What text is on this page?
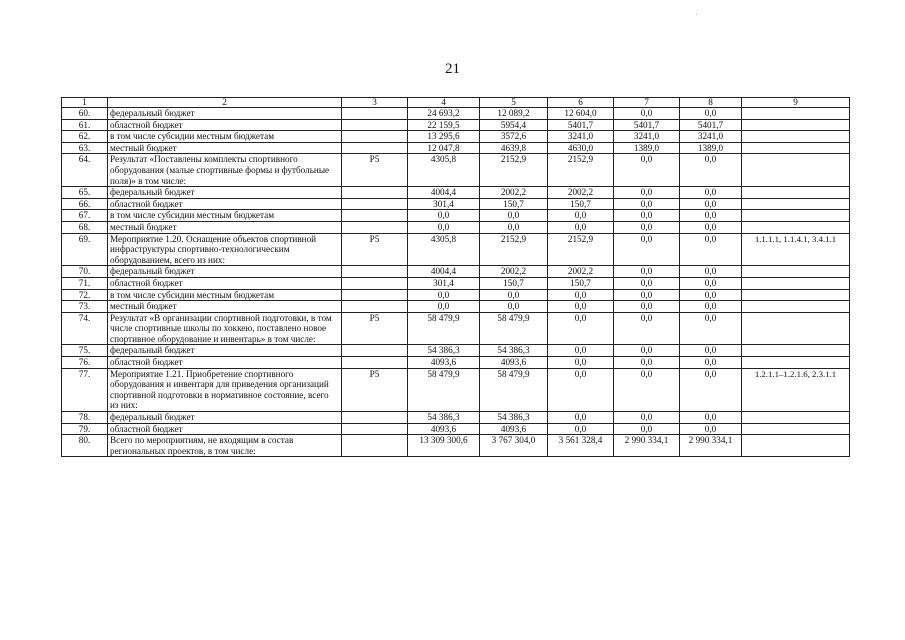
21
1	2	3	4	5	6	7	8	9
60.	федеральный бюджет		24 693,2	12 089,2	12 604,0	0,0	0,0	
61.	областной бюджет		22 159,5	5954,4	5401,7	5401,7	5401,7	
62.	в том числе субсидии местным бюджетам		13 295,6	3572,6	3241,0	3241,0	3241,0	
63.	местный бюджет		12 047,8	4639,8	4630,0	1389,0	1389,0	
64.	Результат «Поставлены комплекты спортивного оборудования (малые спортивные формы и футбольные поля)» в том числе:	P5	4305,8	2152,9	2152,9	0,0	0,0	
65.	федеральный бюджет		4004,4	2002,2	2002,2	0,0	0,0	
66.	областной бюджет		301,4	150,7	150,7	0,0	0,0	
67.	в том числе субсидии местным бюджетам		0,0	0,0	0,0	0,0	0,0	
68.	местный бюджет		0,0	0,0	0,0	0,0	0,0	
69.	Мероприятие 1.20. Оснащение объектов спортивной инфраструктуры спортивно-технологическим оборудованием, всего из них:	P5	4305,8	2152,9	2152,9	0,0	0,0	1.1.1.1, 1.1.4.1, 3.4.1.1
70.	федеральный бюджет		4004,4	2002,2	2002,2	0,0	0,0	
71.	областной бюджет		301,4	150,7	150,7	0,0	0,0	
72.	в том числе субсидии местным бюджетам		0,0	0,0	0,0	0,0	0,0	
73.	местный бюджет		0,0	0,0	0,0	0,0	0,0	
74.	Результат «В организации спортивной подготовки, в том числе спортивные школы по хоккею, поставлено новое спортивное оборудование и инвентарь» в том числе:	P5	58 479,9	58 479,9	0,0	0,0	0,0	
75.	федеральный бюджет		54 386,3	54 386,3	0,0	0,0	0,0	
76.	областной бюджет		4093,6	4093,6	0,0	0,0	0,0	
77.	Мероприятие 1.21. Приобретение спортивного оборудования и инвентаря для приведения организаций спортивной подготовки в нормативное состояние, всего из них:	P5	58 479,9	58 479,9	0,0	0,0	0,0	1.2.1.1–1.2.1.6, 2.3.1.1
78.	федеральный бюджет		54 386,3	54 386,3	0,0	0,0	0,0	
79.	областной бюджет		4093,6	4093,6	0,0	0,0	0,0	
80.	Всего по мероприятиям, не входящим в состав региональных проектов, в том числе:		13 309 300,6	3 767 304,0	3 561 328,4	2 990 334,1	2 990 334,1	
